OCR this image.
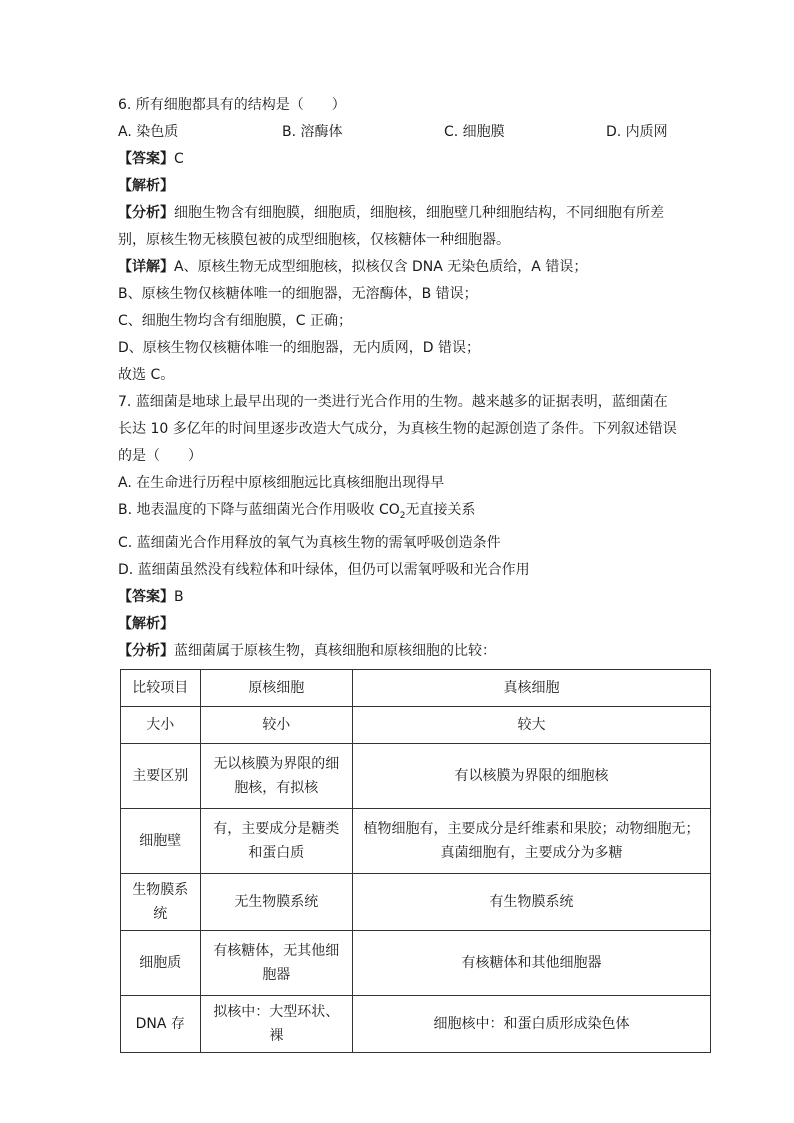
6. 所有细胞都具有的结构是（　　）
A. 染色质	B. 溶酶体	C. 细胞膜	D. 内质网
【答案】C
【解析】
【分析】细胞生物含有细胞膜，细胞质，细胞核，细胞壁几种细胞结构，不同细胞有所差
别，原核生物无核膜包被的成型细胞核，仅核糖体一种细胞器。
【详解】A、原核生物无成型细胞核，拟核仅含 DNA 无染色质给，A 错误；
B、原核生物仅核糖体唯一的细胞器，无溶酶体，B 错误；
C、细胞生物均含有细胞膜，C 正确；
D、原核生物仅核糖体唯一的细胞器，无内质网，D 错误；
故选 C。
7. 蓝细菌是地球上最早出现的一类进行光合作用的生物。越来越多的证据表明，蓝细菌在
长达 10 多亿年的时间里逐步改造大气成分，为真核生物的起源创造了条件。下列叙述错误
的是（　　）
A. 在生命进行历程中原核细胞远比真核细胞出现得早
B. 地表温度的下降与蓝细菌光合作用吸收 $CO_2$无直接关系
C. 蓝细菌光合作用释放的氧气为真核生物的需氧呼吸创造条件
D. 蓝细菌虽然没有线粒体和叶绿体，但仍可以需氧呼吸和光合作用
【答案】B
【解析】
【分析】蓝细菌属于原核生物，真核细胞和原核细胞的比较：
比较项目	原核细胞	真核细胞
大小	较小	较大
主要区别	无以核膜为界限的细胞核，有拟核	有以核膜为界限的细胞核
细胞壁	有，主要成分是糖类和蛋白质	植物细胞有，主要成分是纤维素和果胶；动物细胞无；真菌细胞有，主要成分为多糖
生物膜系统	无生物膜系统	有生物膜系统
细胞质	有核糖体，无其他细胞器	有核糖体和其他细胞器
DNA 存	拟核中：大型环状、裸	细胞核中：和蛋白质形成染色体
